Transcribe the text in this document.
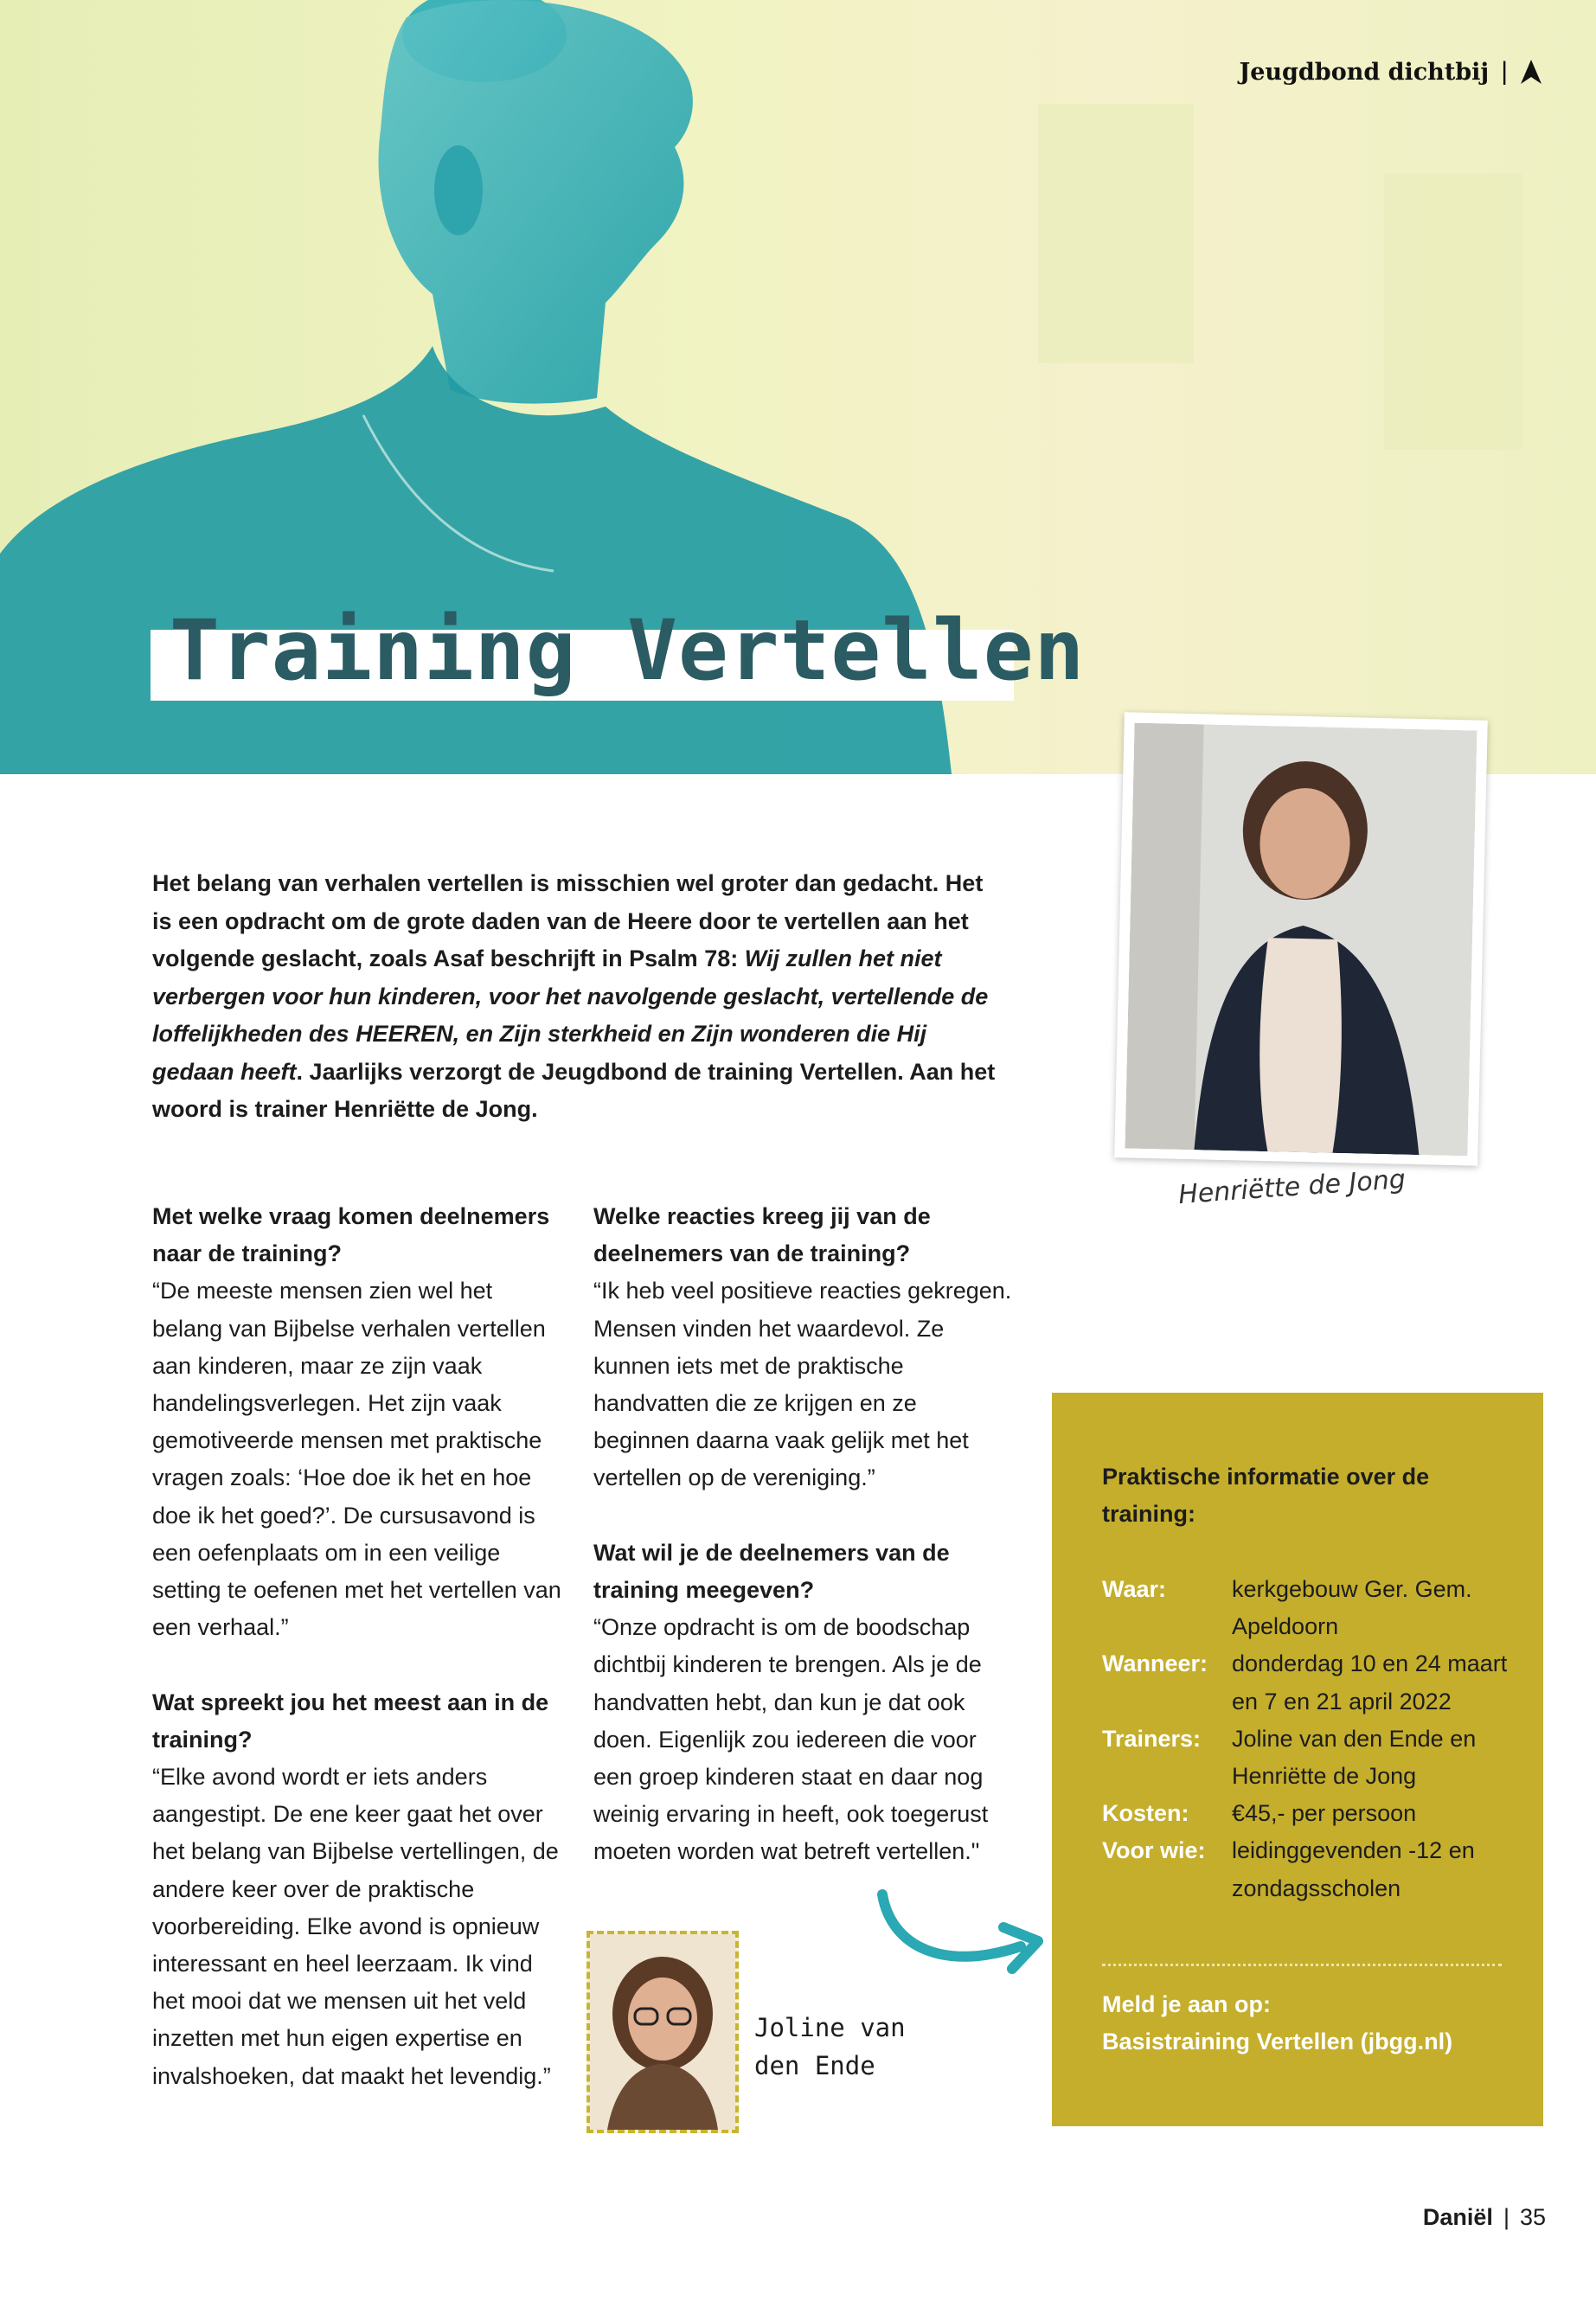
Jeugdbond dichtbij |
Training Vertellen
Het belang van verhalen vertellen is misschien wel groter dan gedacht. Het is een opdracht om de grote daden van de Heere door te vertellen aan het volgende geslacht, zoals Asaf beschrijft in Psalm 78: Wij zullen het niet verbergen voor hun kinderen, voor het navolgende geslacht, vertellende de loffelijkheden des HEEREN, en Zijn sterkheid en Zijn wonderen die Hij gedaan heeft. Jaarlijks verzorgt de Jeugdbond de training Vertellen. Aan het woord is trainer Henriëtte de Jong.
Henriëtte de Jong

Met welke vraag komen deelnemers naar de training?

“De meeste mensen zien wel het belang van Bijbelse verhalen vertellen aan kinderen, maar ze zijn vaak handelingsverlegen. Het zijn vaak gemotiveerde mensen met praktische vragen zoals: ‘Hoe doe ik het en hoe doe ik het goed?’. De cursusavond is een oefenplaats om in een veilige setting te oefenen met het vertellen van een verhaal.”

Wat spreekt jou het meest aan in de training?

“Elke avond wordt er iets anders aangestipt. De ene keer gaat het over het belang van Bijbelse vertellingen, de andere keer over de praktische voorbereiding. Elke avond is opnieuw interessant en heel leerzaam. Ik vind het mooi dat we mensen uit het veld inzetten met hun eigen expertise en invalshoeken, dat maakt het levendig.”

Welke reacties kreeg jij van de deelnemers van de training?

“Ik heb veel positieve reacties gekregen. Mensen vinden het waardevol. Ze kunnen iets met de praktische handvatten die ze krijgen en ze beginnen daarna vaak gelijk met het vertellen op de vereniging.”

Wat wil je de deelnemers van de training meegeven?

“Onze opdracht is om de boodschap dichtbij kinderen te brengen. Als je de handvatten hebt, dan kun je dat ook doen. Eigenlijk zou iedereen die voor een groep kinderen staat en daar nog weinig ervaring in heeft, ook toegerust moeten worden wat betreft vertellen."

Joline van
den Ende
Praktische informatie over de training:
Waar:	kerkgebouw Ger. Gem. Apeldoorn
Wanneer:	donderdag 10 en 24 maart en 7 en 21 april 2022
Trainers:	Joline van den Ende en Henriëtte de Jong
Kosten:	€45,- per persoon
Voor wie:	leidinggevenden -12 en zondagsscholen
Meld je aan op:
Basistraining Vertellen (jbgg.nl)
Daniël | 35
